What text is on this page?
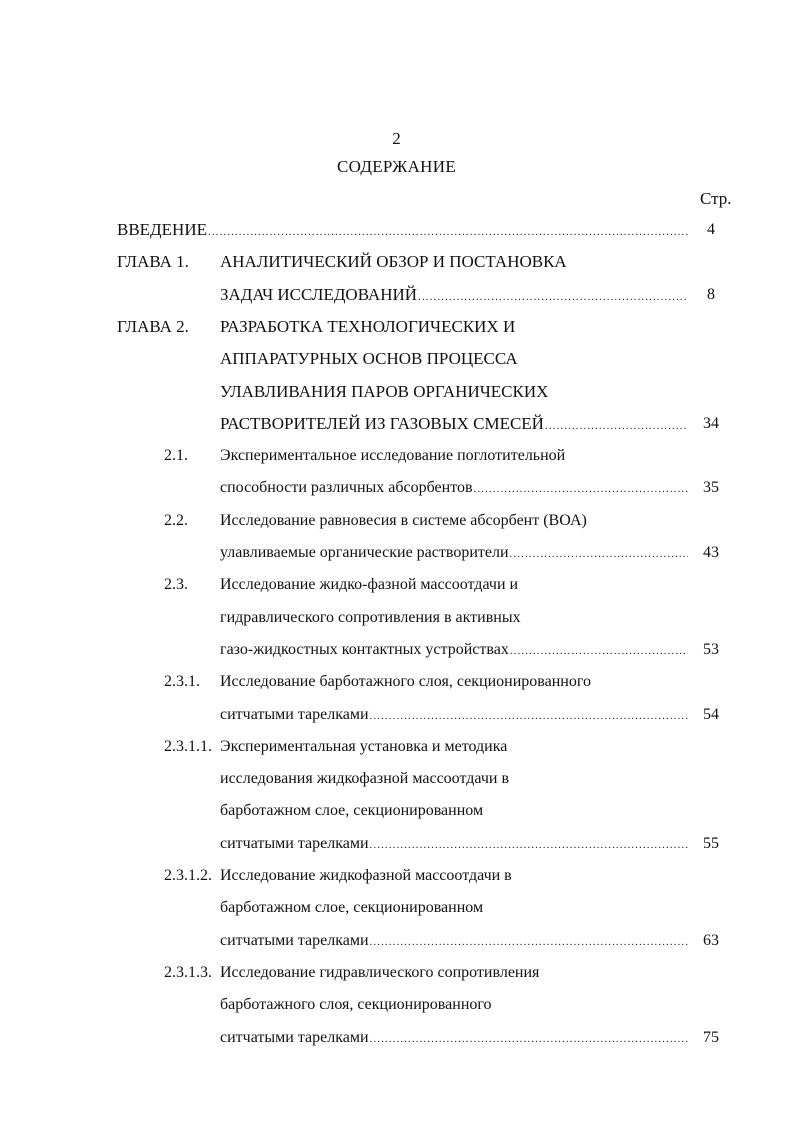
2
СОДЕРЖАНИЕ
Стр.
4
ВВЕДЕНИЕ
.....
ГЛАВА 1. АНАЛИТИЧЕСКИЙ ОБЗОР И ПОСТАНОВКА
8
ЗАДАЧ ИССЛЕДОВАНИЙ
.....
ГЛАВА 2. РАЗРАБОТКА ТЕХНОЛОГИЧЕСКИХ И
АППАРАТУРНЫХ ОСНОВ ПРОЦЕССА
УЛАВЛИВАНИЯ ПАРОВ ОРГАНИЧЕСКИХ
34
РАСТВОРИТЕЛЕЙ ИЗ ГАЗОВЫХ СМЕСЕЙ
.....
2.1. Экспериментальное исследование поглотительной
35
способности различных абсорбентов
.....
2.2. Исследование равновесия в системе абсорбент (ВОА)
43
улавливаемые органические растворители
.....
2.3. Исследование жидко-фазной массоотдачи и
гидравлического сопротивления в активных
53
газо-жидкостных контактных устройствах
.....
2.3.1. Исследование барботажного слоя, секционированного
54
ситчатыми тарелками
.....
2.3.1.1. Экспериментальная установка и методика
исследования жидкофазной массоотдачи в
барботажном слое, секционированном
55
ситчатыми тарелками
.....
2.3.1.2. Исследование жидкофазной массоотдачи в
барботажном слое, секционированном
63
ситчатыми тарелками
.....
2.3.1.3. Исследование гидравлического сопротивления
барботажного слоя, секционированного
75
ситчатыми тарелками
.....
